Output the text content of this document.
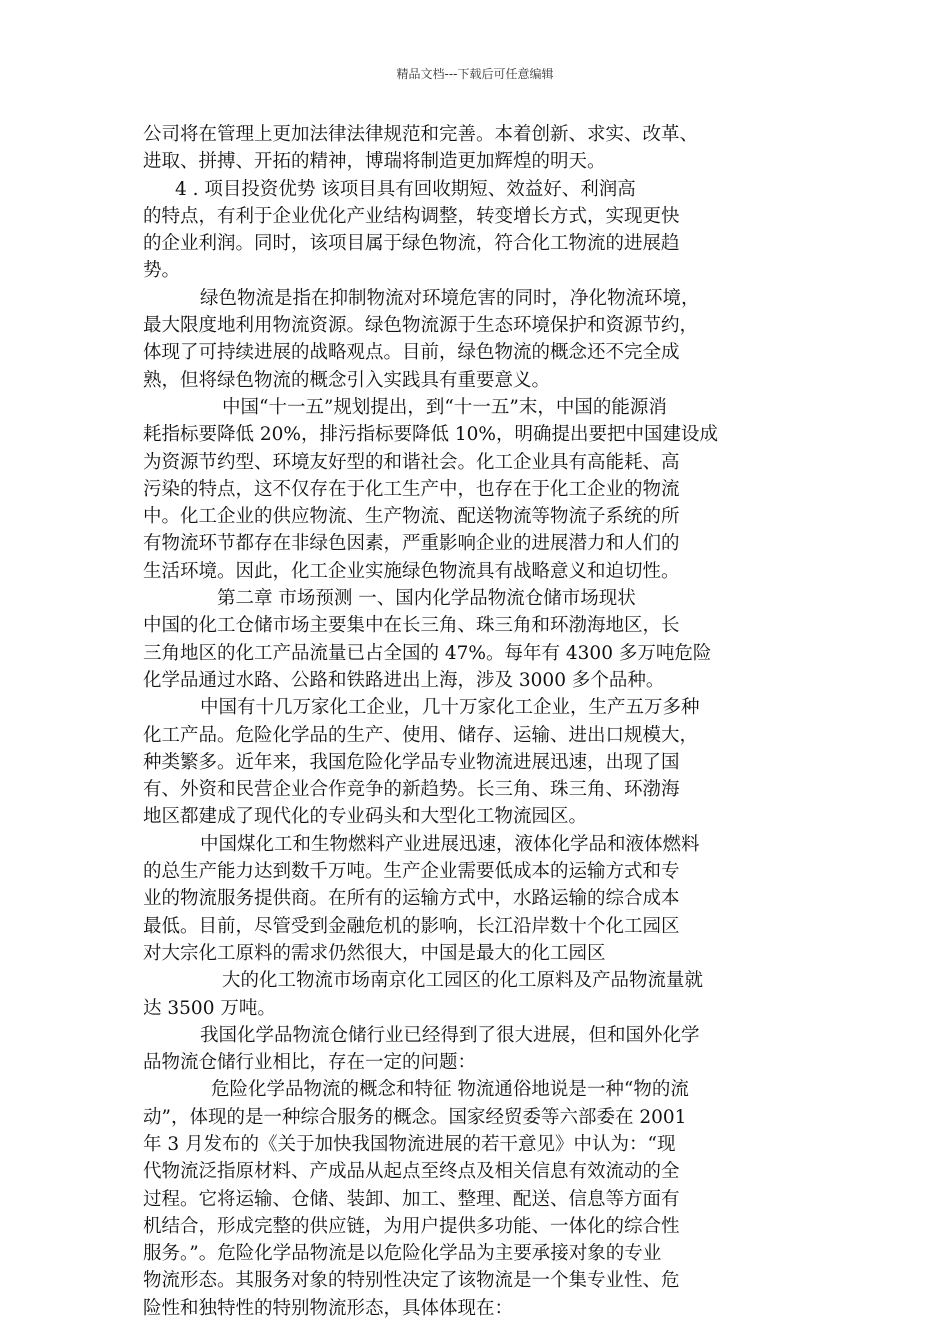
精品文档---下载后可任意编辑
公司将在管理上更加法律法律规范和完善。本着创新、求实、改革、
进取、拼搏、开拓的精神，博瑞将制造更加辉煌的明天。
4 . 项目投资优势 该项目具有回收期短、效益好、利润高
的特点，有利于企业优化产业结构调整，转变增长方式，实现更快
的企业利润。同时，该项目属于绿色物流，符合化工物流的进展趋
势。
绿色物流是指在抑制物流对环境危害的同时，净化物流环境，
最大限度地利用物流资源。绿色物流源于生态环境保护和资源节约，
体现了可持续进展的战略观点。目前，绿色物流的概念还不完全成
熟，但将绿色物流的概念引入实践具有重要意义。
中国“十一五”规划提出，到“十一五”末，中国的能源消
耗指标要降低 20%，排污指标要降低 10%，明确提出要把中国建设成
为资源节约型、环境友好型的和谐社会。化工企业具有高能耗、高
污染的特点，这不仅存在于化工生产中，也存在于化工企业的物流
中。化工企业的供应物流、生产物流、配送物流等物流子系统的所
有物流环节都存在非绿色因素，严重影响企业的进展潜力和人们的
生活环境。因此，化工企业实施绿色物流具有战略意义和迫切性。
第二章 市场预测 一、国内化学品物流仓储市场现状
中国的化工仓储市场主要集中在长三角、珠三角和环渤海地区，长
三角地区的化工产品流量已占全国的 47%。每年有 4300 多万吨危险
化学品通过水路、公路和铁路进出上海，涉及 3000 多个品种。
中国有十几万家化工企业，几十万家化工企业，生产五万多种
化工产品。危险化学品的生产、使用、储存、运输、进出口规模大，
种类繁多。近年来，我国危险化学品专业物流进展迅速，出现了国
有、外资和民营企业合作竞争的新趋势。长三角、珠三角、环渤海
地区都建成了现代化的专业码头和大型化工物流园区。
中国煤化工和生物燃料产业进展迅速，液体化学品和液体燃料
的总生产能力达到数千万吨。生产企业需要低成本的运输方式和专
业的物流服务提供商。在所有的运输方式中，水路运输的综合成本
最低。目前，尽管受到金融危机的影响，长江沿岸数十个化工园区
对大宗化工原料的需求仍然很大，中国是最大的化工园区
大的化工物流市场南京化工园区的化工原料及产品物流量就
达 3500 万吨。
我国化学品物流仓储行业已经得到了很大进展，但和国外化学
品物流仓储行业相比，存在一定的问题：
危险化学品物流的概念和特征 物流通俗地说是一种“物的流
动”，体现的是一种综合服务的概念。国家经贸委等六部委在 2001
年 3 月发布的《关于加快我国物流进展的若干意见》中认为：“现
代物流泛指原材料、产成品从起点至终点及相关信息有效流动的全
过程。它将运输、仓储、装卸、加工、整理、配送、信息等方面有
机结合，形成完整的供应链，为用户提供多功能、一体化的综合性
服务。”。危险化学品物流是以危险化学品为主要承接对象的专业
物流形态。其服务对象的特别性决定了该物流是一个集专业性、危
险性和独特性的特别物流形态，具体体现在：
